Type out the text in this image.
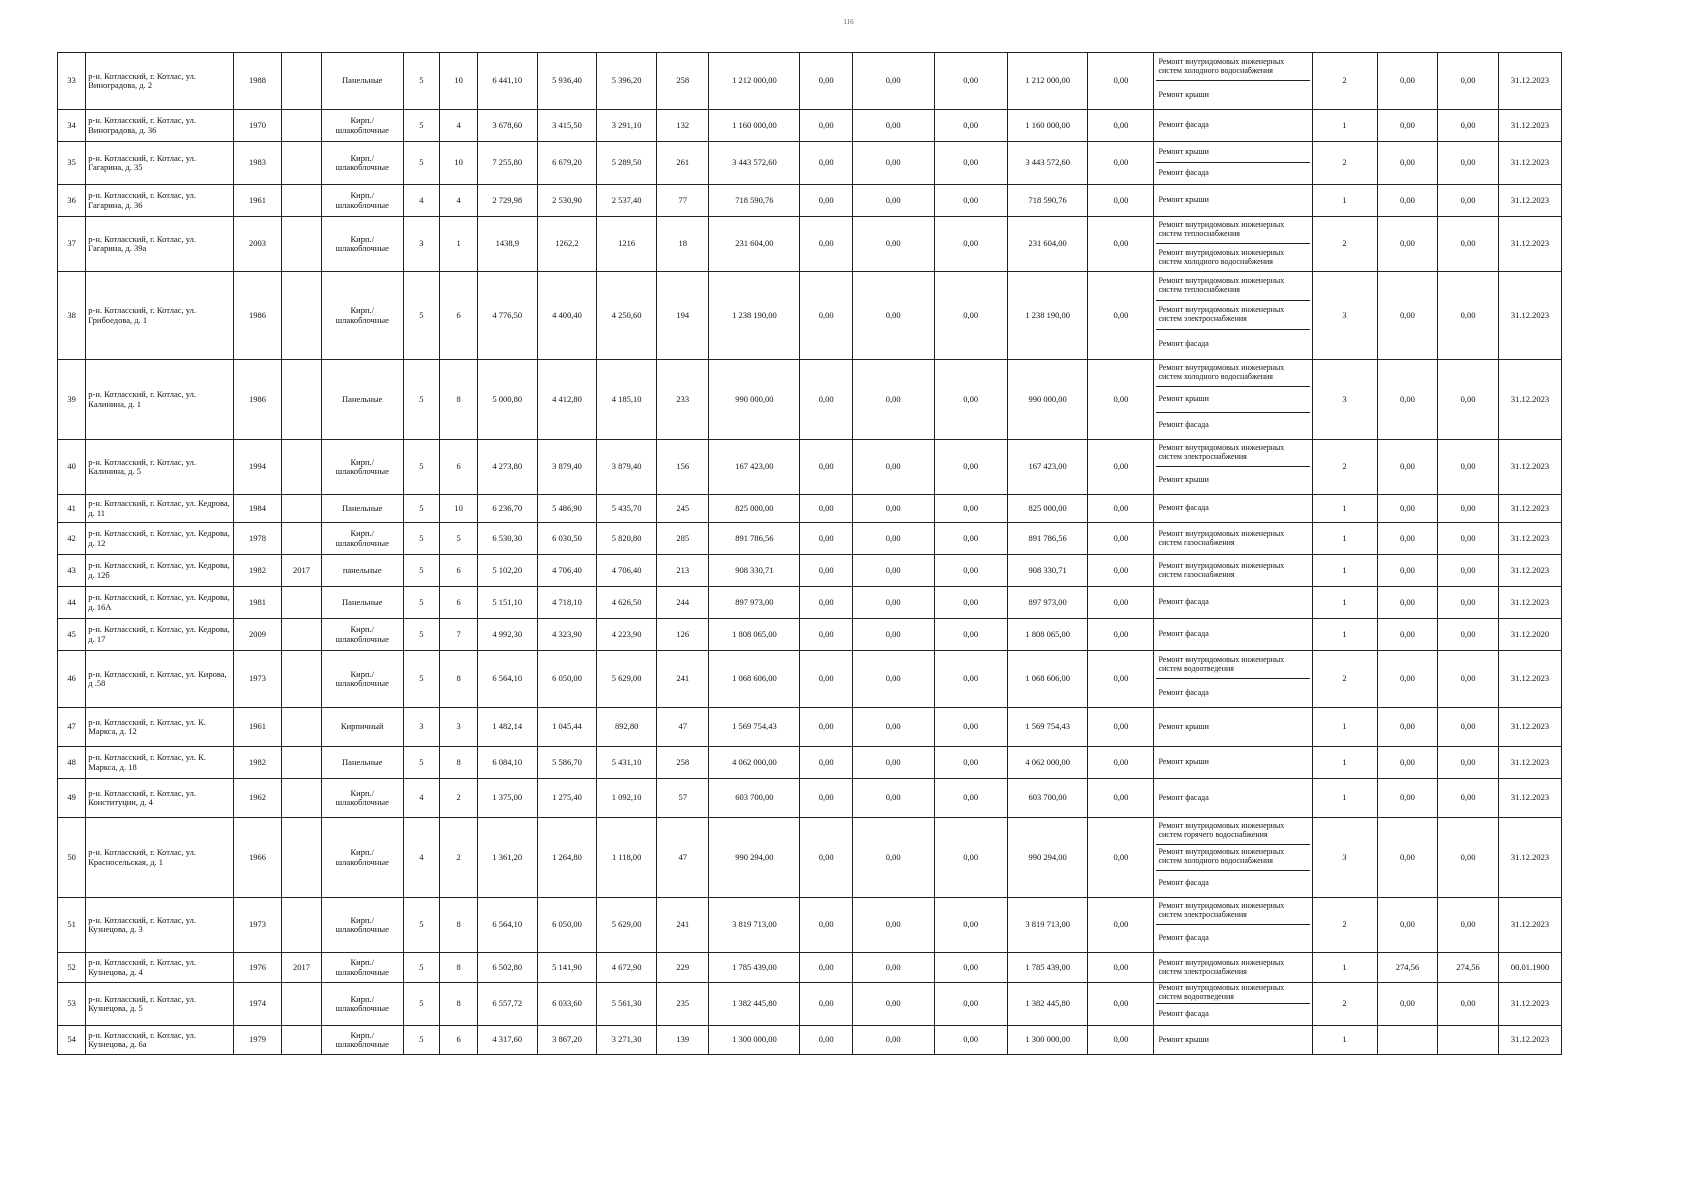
116
33	р-н. Котласский, г. Котлас, ул. Виноградова, д. 2	1988		Панельные	5	10	6 441,10	5 936,40	5 396,20	258	1 212 000,00	0,00	0,00	0,00	1 212 000,00	0,00	Ремонт внутридомовых инженерных систем холодного водоснабжения
Ремонт крыши	2	0,00	0,00	31.12.2023
34	р-н. Котласский, г. Котлас, ул. Виноградова, д. 36	1970		Кирп./ шлакоблочные	5	4	3 678,60	3 415,50	3 291,10	132	1 160 000,00	0,00	0,00	0,00	1 160 000,00	0,00	Ремонт фасада	1	0,00	0,00	31.12.2023
35	р-н. Котласский, г. Котлас, ул. Гагарина, д. 35	1983		Кирп./ шлакоблочные	5	10	7 255,80	6 679,20	5 289,50	261	3 443 572,60	0,00	0,00	0,00	3 443 572,60	0,00	Ремонт крыши
Ремонт фасада	2	0,00	0,00	31.12.2023
36	р-н. Котласский, г. Котлас, ул. Гагарина, д. 36	1961		Кирп./ шлакоблочные	4	4	2 729,98	2 530,90	2 537,40	77	718 590,76	0,00	0,00	0,00	718 590,76	0,00	Ремонт крыши	1	0,00	0,00	31.12.2023
37	р-н. Котласский, г. Котлас, ул. Гагарина, д. 39а	2003		Кирп./ шлакоблочные	3	1	1438,9	1262,2	1216	18	231 604,00	0,00	0,00	0,00	231 604,00	0,00	Ремонт внутридомовых инженерных систем теплоснабжения
Ремонт внутридомовых инженерных систем холодного водоснабжения	2	0,00	0,00	31.12.2023
38	р-н. Котласский, г. Котлас, ул. Грибоедова, д. 1	1986		Кирп./ шлакоблочные	5	6	4 776,50	4 400,40	4 250,60	194	1 238 190,00	0,00	0,00	0,00	1 238 190,00	0,00	Ремонт внутридомовых инженерных систем теплоснабжения
Ремонт внутридомовых инженерных систем электроснабжения
Ремонт фасада	3	0,00	0,00	31.12.2023
39	р-н. Котласский, г. Котлас, ул. Калинина, д. 1	1986		Панельные	5	8	5 000,80	4 412,80	4 185,10	233	990 000,00	0,00	0,00	0,00	990 000,00	0,00	Ремонт внутридомовых инженерных систем холодного водоснабжения
Ремонт крыши
Ремонт фасада	3	0,00	0,00	31.12.2023
40	р-н. Котласский, г. Котлас, ул. Калинина, д. 5	1994		Кирп./ шлакоблочные	5	6	4 273,80	3 879,40	3 879,40	156	167 423,00	0,00	0,00	0,00	167 423,00	0,00	Ремонт внутридомовых инженерных систем электроснабжения
Ремонт крыши	2	0,00	0,00	31.12.2023
41	р-н. Котласский, г. Котлас, ул. Кедрова, д. 11	1984		Панельные	5	10	6 236,70	5 486,90	5 435,70	245	825 000,00	0,00	0,00	0,00	825 000,00	0,00	Ремонт фасада	1	0,00	0,00	31.12.2023
42	р-н. Котласский, г. Котлас, ул. Кедрова, д. 12	1978		Кирп./ шлакоблочные	5	5	6 530,30	6 030,50	5 820,80	285	891 786,56	0,00	0,00	0,00	891 786,56	0,00	Ремонт внутридомовых инженерных систем газоснабжения	1	0,00	0,00	31.12.2023
43	р-н. Котласский, г. Котлас, ул. Кедрова, д. 12б	1982	2017	панельные	5	6	5 102,20	4 706,40	4 706,40	213	908 330,71	0,00	0,00	0,00	908 330,71	0,00	Ремонт внутридомовых инженерных систем газоснабжения	1	0,00	0,00	31.12.2023
44	р-н. Котласский, г. Котлас, ул. Кедрова, д. 16А	1981		Панельные	5	6	5 151,10	4 718,10	4 626,50	244	897 973,00	0,00	0,00	0,00	897 973,00	0,00	Ремонт фасада	1	0,00	0,00	31.12.2023
45	р-н. Котласский, г. Котлас, ул. Кедрова, д. 17	2009		Кирп./ шлакоблочные	5	7	4 992,30	4 323,90	4 223,90	126	1 808 065,00	0,00	0,00	0,00	1 808 065,00	0,00	Ремонт фасада	1	0,00	0,00	31.12.2020
46	р-н. Котласский, г. Котлас, ул. Кирова, д .58	1973		Кирп./ шлакоблочные	5	8	6 564,10	6 050,00	5 629,00	241	1 068 606,00	0,00	0,00	0,00	1 068 606,00	0,00	Ремонт внутридомовых инженерных систем водоотведения
Ремонт фасада	2	0,00	0,00	31.12.2023
47	р-н. Котласский, г. Котлас, ул. К. Маркса, д. 12	1961		Кирпичный	3	3	1 482,14	1 045,44	892,80	47	1 569 754,43	0,00	0,00	0,00	1 569 754,43	0,00	Ремонт крыши	1	0,00	0,00	31.12.2023
48	р-н. Котласский, г. Котлас, ул. К. Маркса, д. 18	1982		Панельные	5	8	6 084,10	5 586,70	5 431,10	258	4 062 000,00	0,00	0,00	0,00	4 062 000,00	0,00	Ремонт крыши	1	0,00	0,00	31.12.2023
49	р-н. Котласский, г. Котлас, ул. Конституции, д. 4	1962		Кирп./ шлакоблочные	4	2	1 375,00	1 275,40	1 092,10	57	603 700,00	0,00	0,00	0,00	603 700,00	0,00	Ремонт фасада	1	0,00	0,00	31.12.2023
50	р-н. Котласский, г. Котлас, ул. Красносельская, д. 1	1966		Кирп./ шлакоблочные	4	2	1 361,20	1 264,80	1 118,00	47	990 294,00	0,00	0,00	0,00	990 294,00	0,00	Ремонт внутридомовых инженерных систем горячего водоснабжения
Ремонт внутридомовых инженерных систем холодного водоснабжения
Ремонт фасада	3	0,00	0,00	31.12.2023
51	р-н. Котласский, г. Котлас, ул. Кузнецова, д. 3	1973		Кирп./ шлакоблочные	5	8	6 564,10	6 050,00	5 629,00	241	3 819 713,00	0,00	0,00	0,00	3 819 713,00	0,00	Ремонт внутридомовых инженерных систем электроснабжения
Ремонт фасада	2	0,00	0,00	31.12.2023
52	р-н. Котласский, г. Котлас, ул. Кузнецова, д. 4	1976	2017	Кирп./ шлакоблочные	5	8	6 502,80	5 141,90	4 672,90	229	1 785 439,00	0,00	0,00	0,00	1 785 439,00	0,00	Ремонт внутридомовых инженерных систем электроснабжения	1	274,56	274,56	00.01.1900
53	р-н. Котласский, г. Котлас, ул. Кузнецова, д. 5	1974		Кирп./ шлакоблочные	5	8	6 557,72	6 033,60	5 561,30	235	1 382 445,80	0,00	0,00	0,00	1 382 445,80	0,00	Ремонт внутридомовых инженерных систем водоотведения
Ремонт фасада	2	0,00	0,00	31.12.2023
54	р-н. Котласский, г. Котлас, ул. Кузнецова, д. 6а	1979		Кирп./ шлакоблочные	5	6	4 317,60	3 867,20	3 271,30	139	1 300 000,00	0,00	0,00	0,00	1 300 000,00	0,00	Ремонт крыши	1			31.12.2023
